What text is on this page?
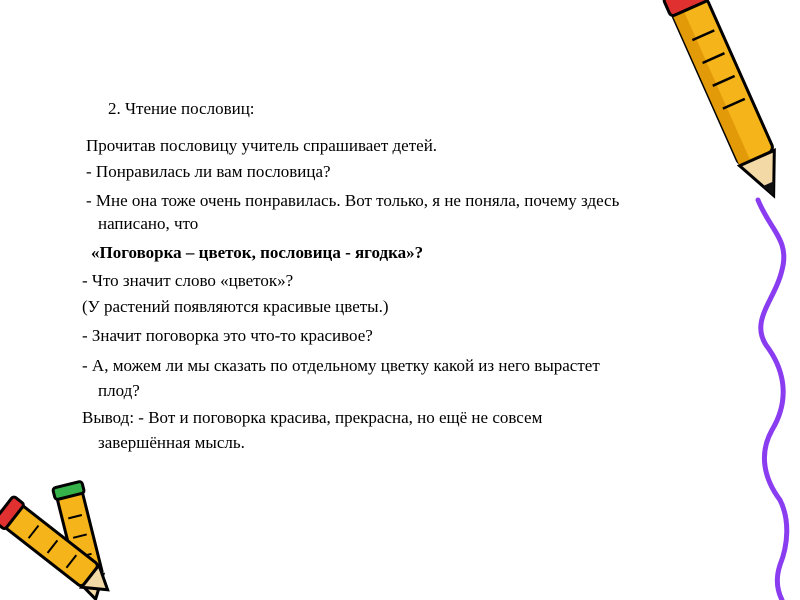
2. Чтение пословиц:
Прочитав пословицу учитель спрашивает детей.
- Понравилась ли вам пословица?
- Мне она тоже очень понравилась. Вот только, я не поняла, почему здесь
написано, что
«Поговорка – цветок, пословица - ягодка»?
- Что значит слово «цветок»?
(У растений появляются красивые цветы.)
- Значит поговорка это что-то красивое?
- А, можем ли мы сказать по отдельному цветку какой из него вырастет
плод?
Вывод: - Вот и поговорка красива, прекрасна, но ещё не совсем
завершённая мысль.
